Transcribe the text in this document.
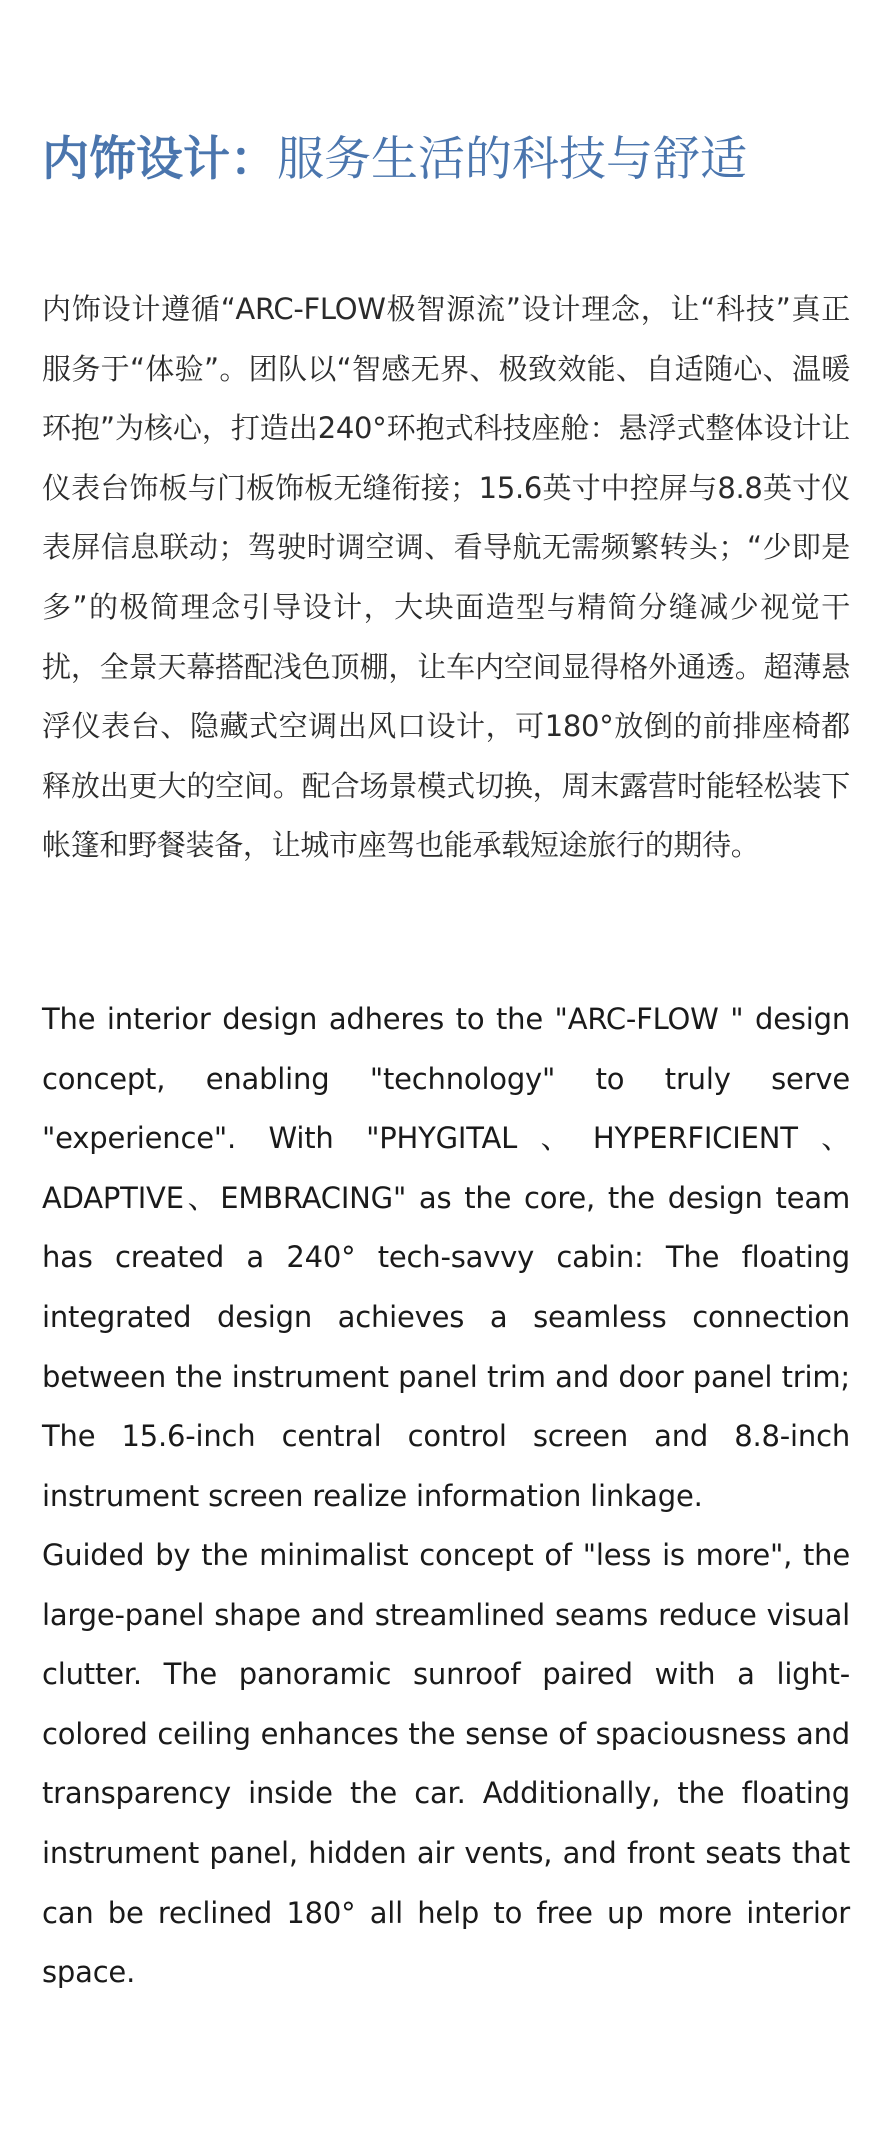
内饰设计：服务生活的科技与舒适

内饰设计遵循“ARC-FLOW极智源流”设计理念，让“科技”真正服务于“体验”。团队以“智感无界、极致效能、自适随心、温暖环抱”为核心，打造出240°环抱式科技座舱：悬浮式整体设计让仪表台饰板与门板饰板无缝衔接；15.6英寸中控屏与8.8英寸仪表屏信息联动；驾驶时调空调、看导航无需频繁转头；“少即是多”的极简理念引导设计，大块面造型与精简分缝减少视觉干扰，全景天幕搭配浅色顶棚，让车内空间显得格外通透。超薄悬浮仪表台、隐藏式空调出风口设计，可180°放倒的前排座椅都释放出更大的空间。配合场景模式切换，周末露营时能轻松装下帐篷和野餐装备，让城市座驾也能承载短途旅行的期待。

The interior design adheres to the "ARC-FLOW " design concept, enabling "technology" to truly serve "experience". With "PHYGITAL、HYPERFICIENT、ADAPTIVE、EMBRACING" as the core, the design team has created a 240° tech-savvy cabin: The floating integrated design achieves a seamless connection between the instrument panel trim and door panel trim; The 15.6-inch central control screen and 8.8-inch instrument screen realize information linkage.

Guided by the minimalist concept of "less is more", the large-panel shape and streamlined seams reduce visual clutter. The panoramic sunroof paired with a light-colored ceiling enhances the sense of spaciousness and transparency inside the car. Additionally, the floating instrument panel, hidden air vents, and front seats that can be reclined 180° all help to free up more interior space.
